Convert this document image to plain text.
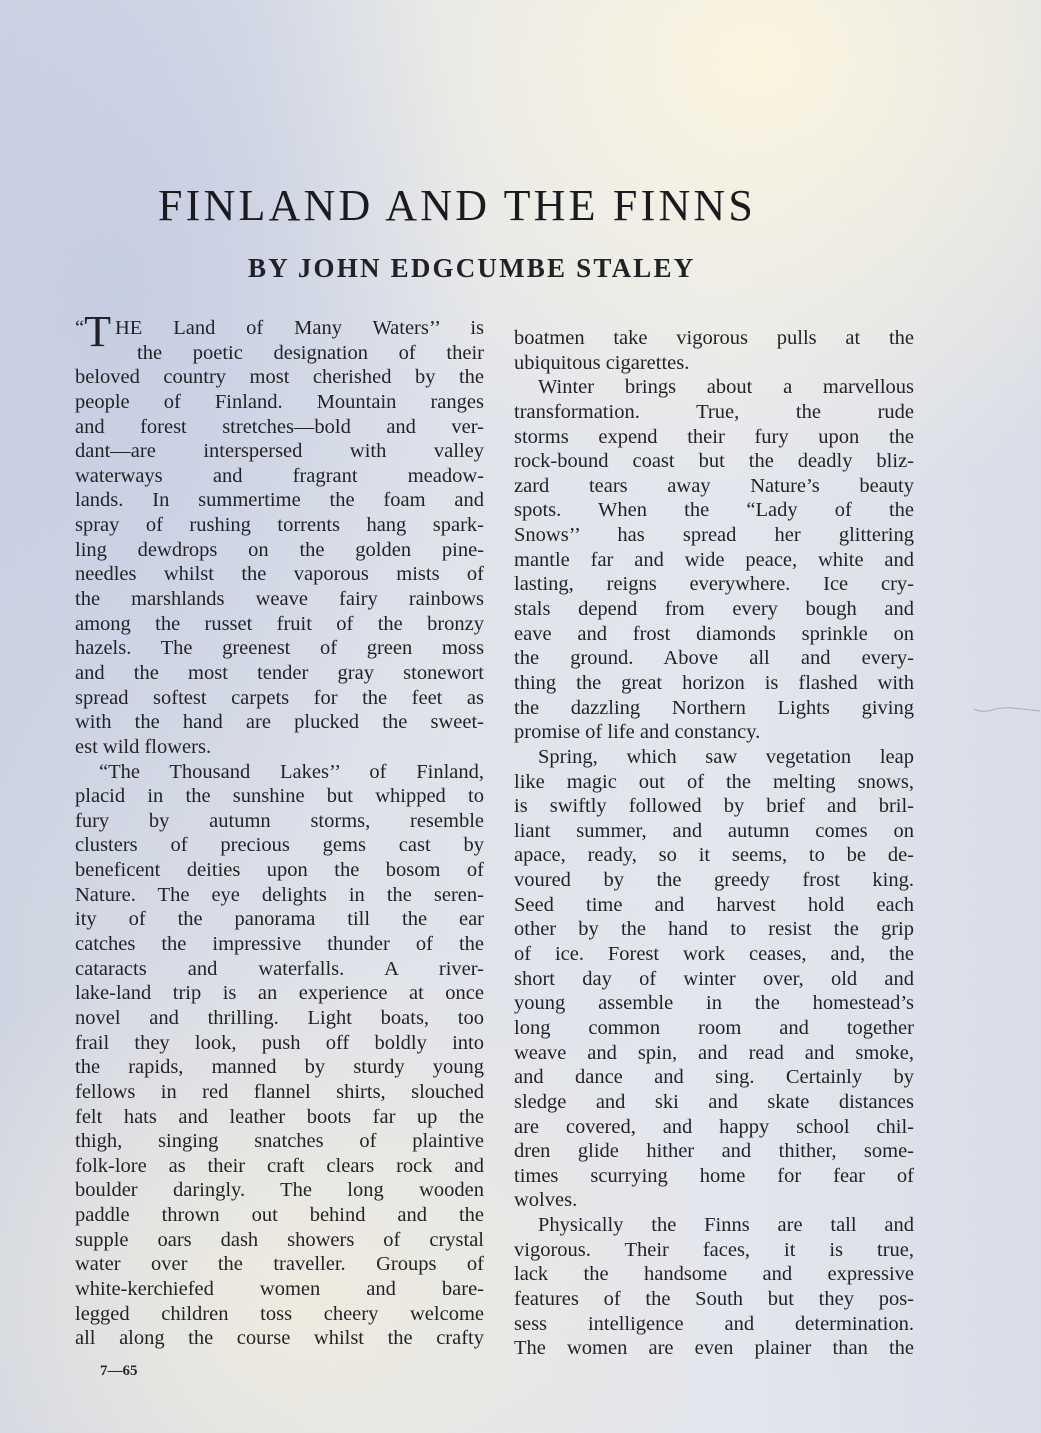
FINLAND AND THE FINNS
BY JOHN EDGCUMBE STALEY
“T HE Land of Many Waters’’ is
the poetic designation of their
beloved country most cherished by the
people of Finland. Mountain ranges
and forest stretches—bold and ver-
dant—are interspersed with valley
waterways and fragrant meadow-
lands. In summertime the foam and
spray of rushing torrents hang spark-
ling dewdrops on the golden pine-
needles whilst the vaporous mists of
the marshlands weave fairy rainbows
among the russet fruit of the bronzy
hazels. The greenest of green moss
and the most tender gray stonewort
spread softest carpets for the feet as
with the hand are plucked the sweet-
est wild flowers.
“The Thousand Lakes’’ of Finland,
placid in the sunshine but whipped to
fury by autumn storms, resemble
clusters of precious gems cast by
beneficent deities upon the bosom of
Nature. The eye delights in the seren-
ity of the panorama till the ear
catches the impressive thunder of the
cataracts and waterfalls. A river-
lake-land trip is an experience at once
novel and thrilling. Light boats, too
frail they look, push off boldly into
the rapids, manned by sturdy young
fellows in red flannel shirts, slouched
felt hats and leather boots far up the
thigh, singing snatches of plaintive
folk-lore as their craft clears rock and
boulder daringly. The long wooden
paddle thrown out behind and the
supple oars dash showers of crystal
water over the traveller. Groups of
white-kerchiefed women and bare-
legged children toss cheery welcome
all along the course whilst the crafty
boatmen take vigorous pulls at the
ubiquitous cigarettes.
Winter brings about a marvellous
transformation. True, the rude
storms expend their fury upon the
rock-bound coast but the deadly bliz-
zard tears away Nature’s beauty
spots. When the “Lady of the
Snows’’ has spread her glittering
mantle far and wide peace, white and
lasting, reigns everywhere. Ice cry-
stals depend from every bough and
eave and frost diamonds sprinkle on
the ground. Above all and every-
thing the great horizon is flashed with
the dazzling Northern Lights giving
promise of life and constancy.
Spring, which saw vegetation leap
like magic out of the melting snows,
is swiftly followed by brief and bril-
liant summer, and autumn comes on
apace, ready, so it seems, to be de-
voured by the greedy frost king.
Seed time and harvest hold each
other by the hand to resist the grip
of ice. Forest work ceases, and, the
short day of winter over, old and
young assemble in the homestead’s
long common room and together
weave and spin, and read and smoke,
and dance and sing. Certainly by
sledge and ski and skate distances
are covered, and happy school chil-
dren glide hither and thither, some-
times scurrying home for fear of
wolves.
Physically the Finns are tall and
vigorous. Their faces, it is true,
lack the handsome and expressive
features of the South but they pos-
sess intelligence and determination.
The women are even plainer than the
7—65
